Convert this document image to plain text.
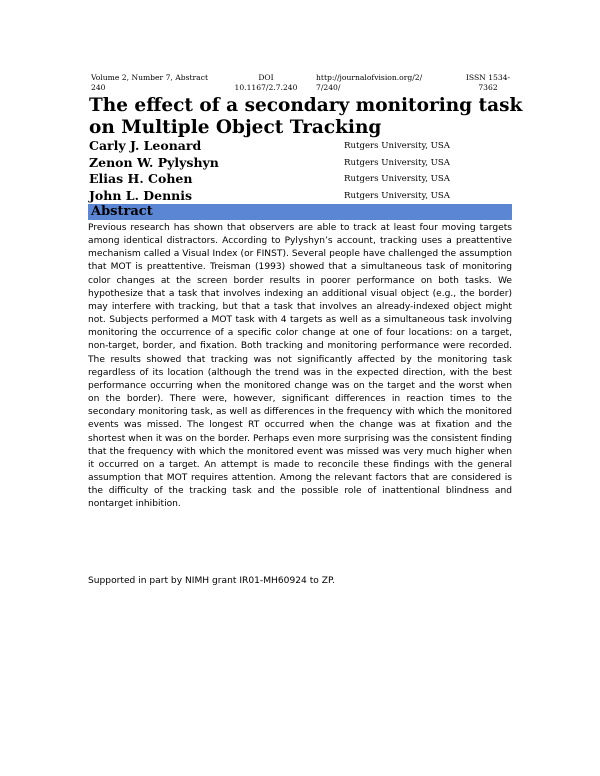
Volume 2, Number 7, Abstract 240
DOI
10.1167/2.7.240
http://journalofvision.org/2/7/240/
ISSN 1534-7362
The effect of a secondary monitoring task on Multiple Object Tracking
Carly J. Leonard	Rutgers University, USA
Zenon W. Pylyshyn	Rutgers University, USA
Elias H. Cohen	Rutgers University, USA
John L. Dennis	Rutgers University, USA
Abstract

Previous research has shown that observers are able to track at least four moving targets among identical distractors. According to Pylyshyn’s account, tracking uses a preattentive mechanism called a Visual Index (or FINST). Several people have challenged the assumption that MOT is preattentive. Treisman (1993) showed that a simultaneous task of monitoring color changes at the screen border results in poorer performance on both tasks. We hypothesize that a task that involves indexing an additional visual object (e.g., the border) may interfere with tracking, but that a task that involves an already-indexed object might not. Subjects performed a MOT task with 4 targets as well as a simultaneous task involving monitoring the occurrence of a specific color change at one of four locations: on a target, non-target, border, and fixation. Both tracking and monitoring performance were recorded. The results showed that tracking was not significantly affected by the monitoring task regardless of its location (although the trend was in the expected direction, with the best performance occurring when the monitored change was on the target and the worst when on the border). There were, however, significant differences in reaction times to the secondary monitoring task, as well as differences in the frequency with which the monitored events was missed. The longest RT occurred when the change was at fixation and the shortest when it was on the border. Perhaps even more surprising was the consistent finding that the frequency with which the monitored event was missed was very much higher when it occurred on a target. An attempt is made to reconcile these findings with the general assumption that MOT requires attention. Among the relevant factors that are considered is the difficulty of the tracking task and the possible role of inattentional blindness and nontarget inhibition.

Supported in part by NIMH grant IR01-MH60924 to ZP.
